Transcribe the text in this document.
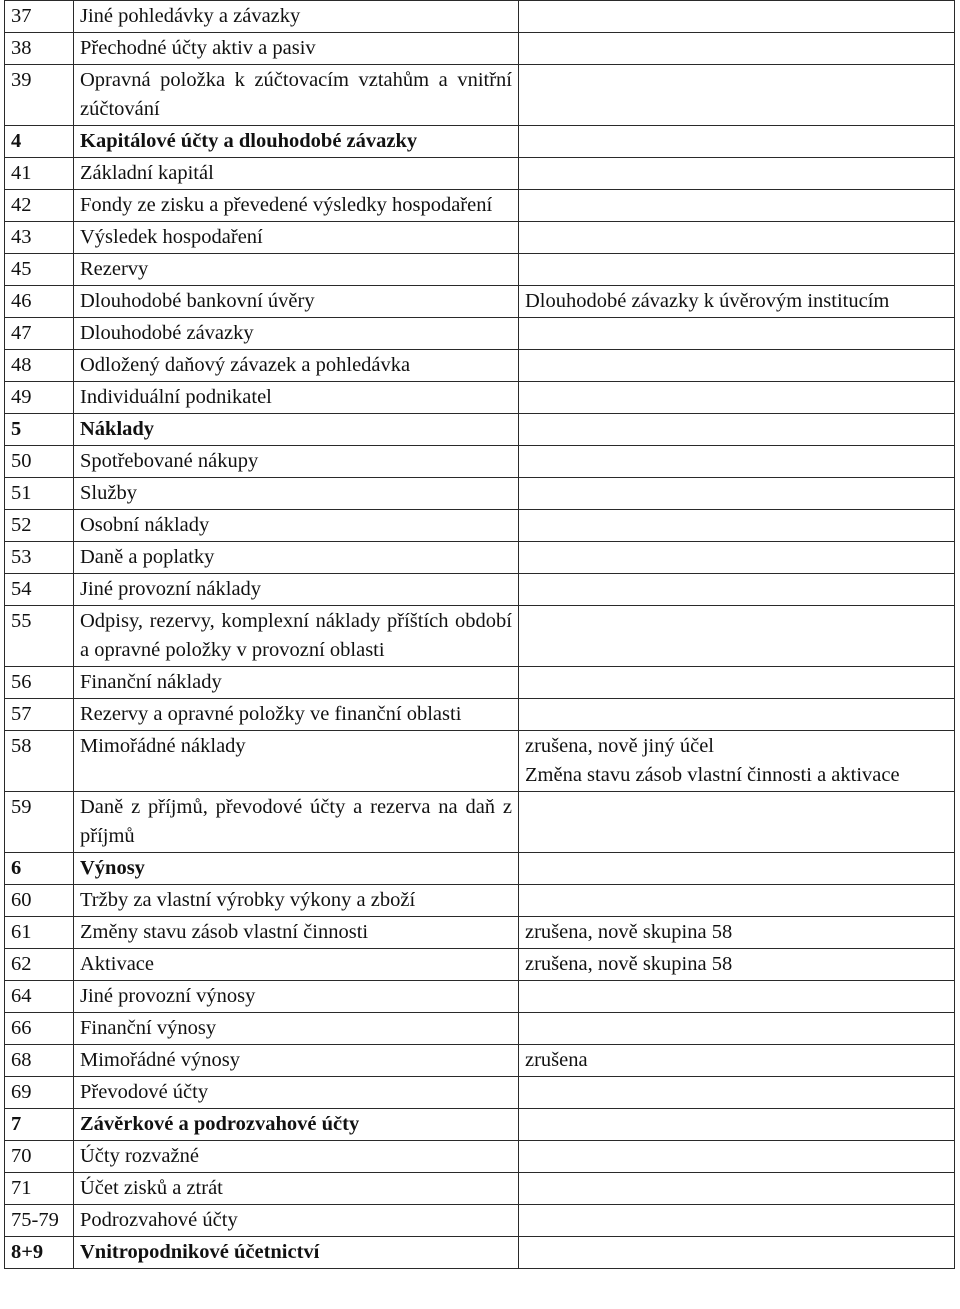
37	Jiné pohledávky a závazky	
38	Přechodné účty aktiv a pasiv	
39	Opravná položka k zúčtovacím vztahům a vnitřní zúčtování	
4	Kapitálové účty a dlouhodobé závazky	
41	Základní kapitál	
42	Fondy ze zisku a převedené výsledky hospodaření	
43	Výsledek hospodaření	
45	Rezervy	
46	Dlouhodobé bankovní úvěry	Dlouhodobé závazky k úvěrovým institucím

47	Dlouhodobé závazky	
48	Odložený daňový závazek a pohledávka	
49	Individuální podnikatel	
5	Náklady	
50	Spotřebované nákupy	
51	Služby	
52	Osobní náklady	
53	Daně a poplatky	
54	Jiné provozní náklady	
55	Odpisy, rezervy, komplexní náklady příštích období a opravné položky v provozní oblasti	
56	Finanční náklady	
57	Rezervy a opravné položky ve finanční oblasti	
58	Mimořádné náklady	zrušena, nově jiný účel
Změna stavu zásob vlastní činnosti a aktivace

59	Daně z příjmů, převodové účty a rezerva na daň z příjmů	
6	Výnosy	
60	Tržby za vlastní výrobky výkony a zboží	
61	Změny stavu zásob vlastní činnosti	zrušena, nově skupina 58

62	Aktivace	zrušena, nově skupina 58

64	Jiné provozní výnosy	
66	Finanční výnosy	
68	Mimořádné výnosy	zrušena

69	Převodové účty	
7	Závěrkové a podrozvahové účty	
70	Účty rozvažné	
71	Účet zisků a ztrát	
75-79	Podrozvahové účty	
8+9	Vnitropodnikové účetnictví	
